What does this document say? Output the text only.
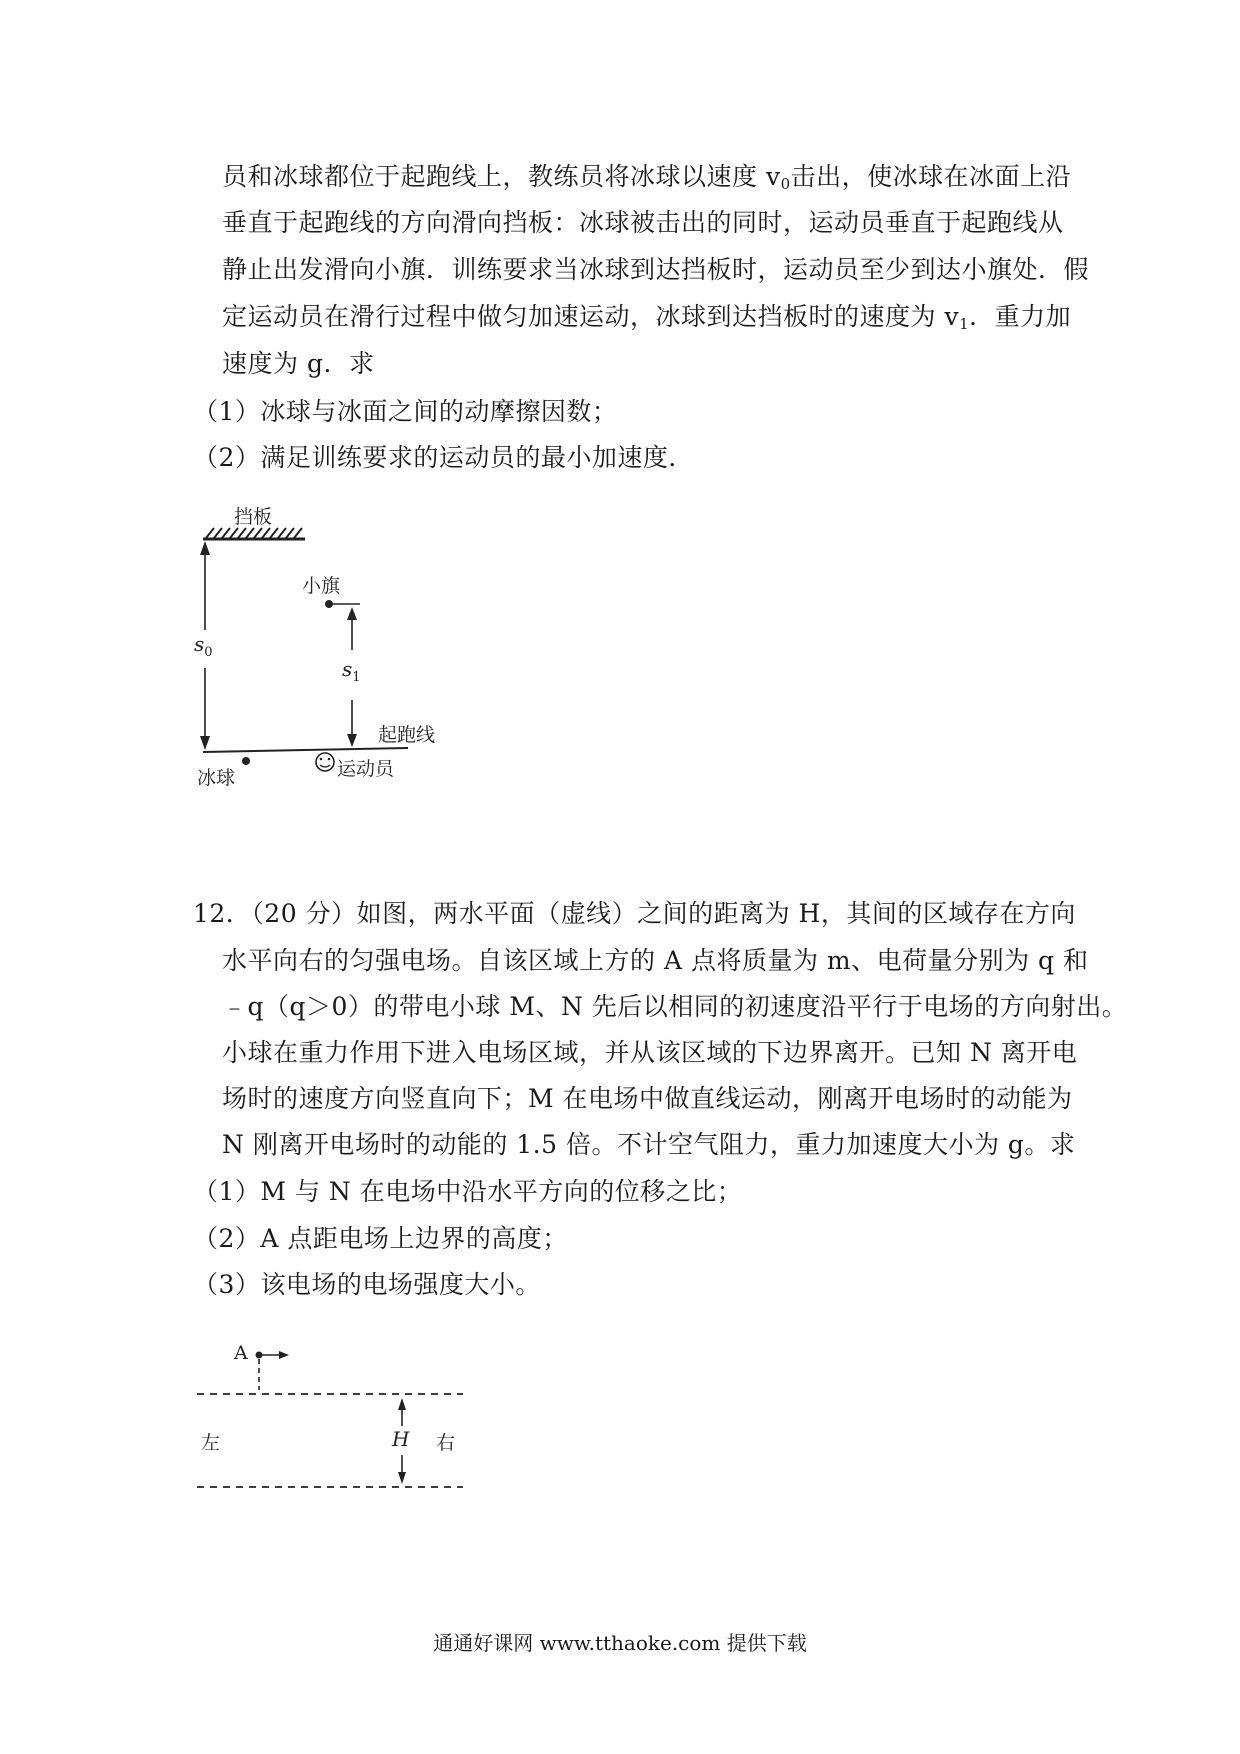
员和冰球都位于起跑线上，教练员将冰球以速度 $v_0$击出，使冰球在冰面上沿
垂直于起跑线的方向滑向挡板：冰球被击出的同时，运动员垂直于起跑线从
静止出发滑向小旗．训练要求当冰球到达挡板时，运动员至少到达小旗处．假
定运动员在滑行过程中做匀加速运动，冰球到达挡板时的速度为 $v_1$．重力加
速度为 g．求
（1）冰球与冰面之间的动摩擦因数；
（2）满足训练要求的运动员的最小加速度．
挡板
小旗
$s_0$
$s_1$
起跑线
冰球	运动员
12．（20 分）如图，两水平面（虚线）之间的距离为 H，其间的区域存在方向
水平向右的匀强电场。自该区域上方的 A 点将质量为 m、电荷量分别为 q 和
﹣q（q＞0）的带电小球 M、N 先后以相同的初速度沿平行于电场的方向射出。
小球在重力作用下进入电场区域，并从该区域的下边界离开。已知 N 离开电
场时的速度方向竖直向下；M 在电场中做直线运动，刚离开电场时的动能为
N 刚离开电场时的动能的 1.5 倍。不计空气阻力，重力加速度大小为 g。求
（1）M 与 N 在电场中沿水平方向的位移之比；
（2）A 点距电场上边界的高度；
（3）该电场的电场强度大小。
A
左	H 右
通通好课网 www.tthaoke.com 提供下载
